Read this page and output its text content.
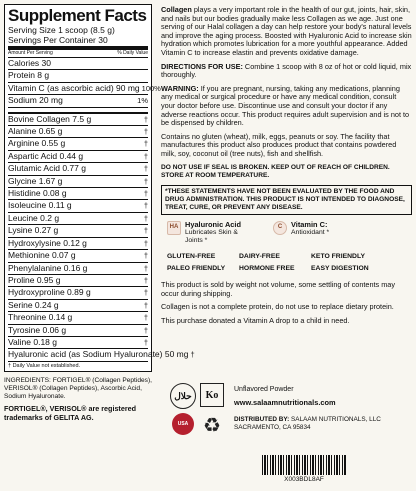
Supplement Facts
Serving Size 1 scoop (8.5 g)
Servings Per Container 30
Amount Per Serving	% Daily Value
Calories 30
Protein 8 g
Vitamin C (as ascorbic acid) 90 mg 100%
Sodium 20 mg	1%
Bovine Collagen 7.5 g	†
Alanine 0.65 g	†
Arginine 0.55 g	†
Aspartic Acid 0.44 g	†
Glutamic Acid 0.77 g	†
Glycine 1.67 g	†
Histidine 0.08 g	†
Isoleucine 0.11 g	†
Leucine 0.2 g	†
Lysine 0.27 g	†
Hydroxylysine 0.12 g	†
Methionine 0.07 g	†
Phenylalanine 0.16 g	†
Proline 0.95 g	†
Hydroxyproline 0.89 g	†
Serine 0.24 g	†
Threonine 0.14 g	†
Tyrosine 0.06 g	†
Valine 0.18 g	†
Hyaluronic acid (as Sodium Hyaluronate) 50 mg †
† Daily Value not established.
INGREDIENTS: FORTIGEL® (Collagen Peptides), VERISOL® (Collagen Peptides), Ascorbic Acid, Sodium Hyaluronate.
FORTIGEL®, VERISOL® are registered trademarks of GELITA AG.

Collagen plays a very important role in the health of our gut, joints, hair, skin, and nails but our bodies gradually make less Collagen as we age. Just one serving of our Halal collagen a day can help restore your body's natural levels and improve the aging process. Boosted with Hyaluronic Acid to increase skin hydration which promotes lubrication for a more youthful appearance. Added Vitamin C to increase elastin and prevents oxidative damage.

DIRECTIONS FOR USE: Combine 1 scoop with 8 oz of hot or cold liquid, mix thoroughly.

WARNING: If you are pregnant, nursing, taking any medications, planning any medical or surgical procedure or have any medical condition, consult your doctor before use. Discontinue use and consult your doctor if any adverse reactions occur. This product requires adult supervision and is not to be dispensed by children.

Contains no gluten (wheat), milk, eggs, peanuts or soy. The facility that manufactures this product also produces product that contains powdered milk, soy, coconut oil (tree nuts), fish and shellfish.

DO NOT USE IF SEAL IS BROKEN. KEEP OUT OF REACH OF CHILDREN. STORE AT ROOM TEMPERATURE.

*THESE STATEMENTS HAVE NOT BEEN EVALUATED BY THE FOOD AND DRUG ADMINISTRATION. THIS PRODUCT IS NOT INTENDED TO DIAGNOSE, TREAT, CURE, OR PREVENT ANY DISEASE.
HA Hyaluronic Acid
Lubricates Skin & Joints *
C	Vitamin C:
Antioxidant *
GLUTEN-FREE	DAIRY-FREE	KETO FRIENDLY
PALEO FRIENDLY	HORMONE FREE	EASY DIGESTION

This product is sold by weight not volume, some settling of contents may occur during shipping.

Collagen is not a complete protein, do not use to replace dietary protein.

This purchase donated a Vitamin A drop to a child in need.

حلال	Ko
USA ♻
Unflavored Powder
www.salaamnutritionals.com
DISTRIBUTED BY: SALAAM NUTRITIONALS, LLC SACRAMENTO, CA 95834
X003BDL8AF
